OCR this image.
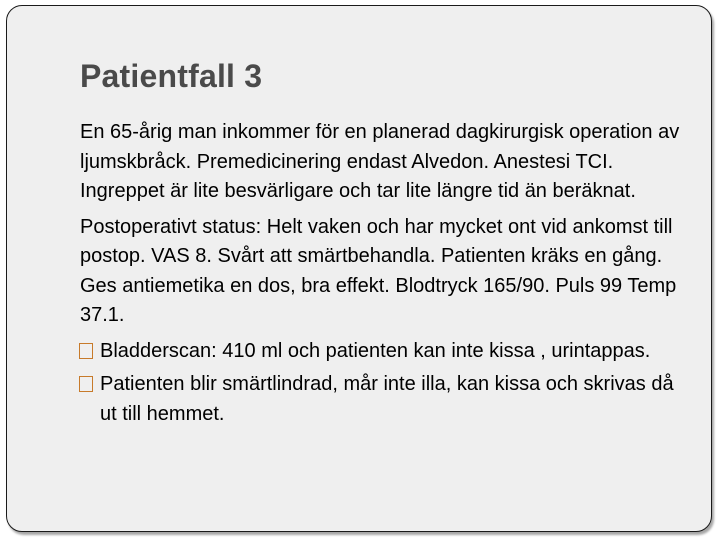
Patientfall 3

En 65-årig man inkommer för en planerad dagkirurgisk operation av ljumskbråck. Premedicinering endast Alvedon. Anestesi TCI. Ingreppet är lite besvärligare och tar lite längre tid än beräknat.

Postoperativt status: Helt vaken och har mycket ont vid ankomst till postop. VAS 8. Svårt att smärtbehandla. Patienten kräks en gång. Ges antiemetika en dos, bra effekt. Blodtryck 165/90. Puls 99 Temp 37.1.

Bladderscan: 410 ml och patienten kan inte kissa , urintappas.
Patienten blir smärtlindrad, mår inte illa, kan kissa och skrivas då ut till hemmet.
